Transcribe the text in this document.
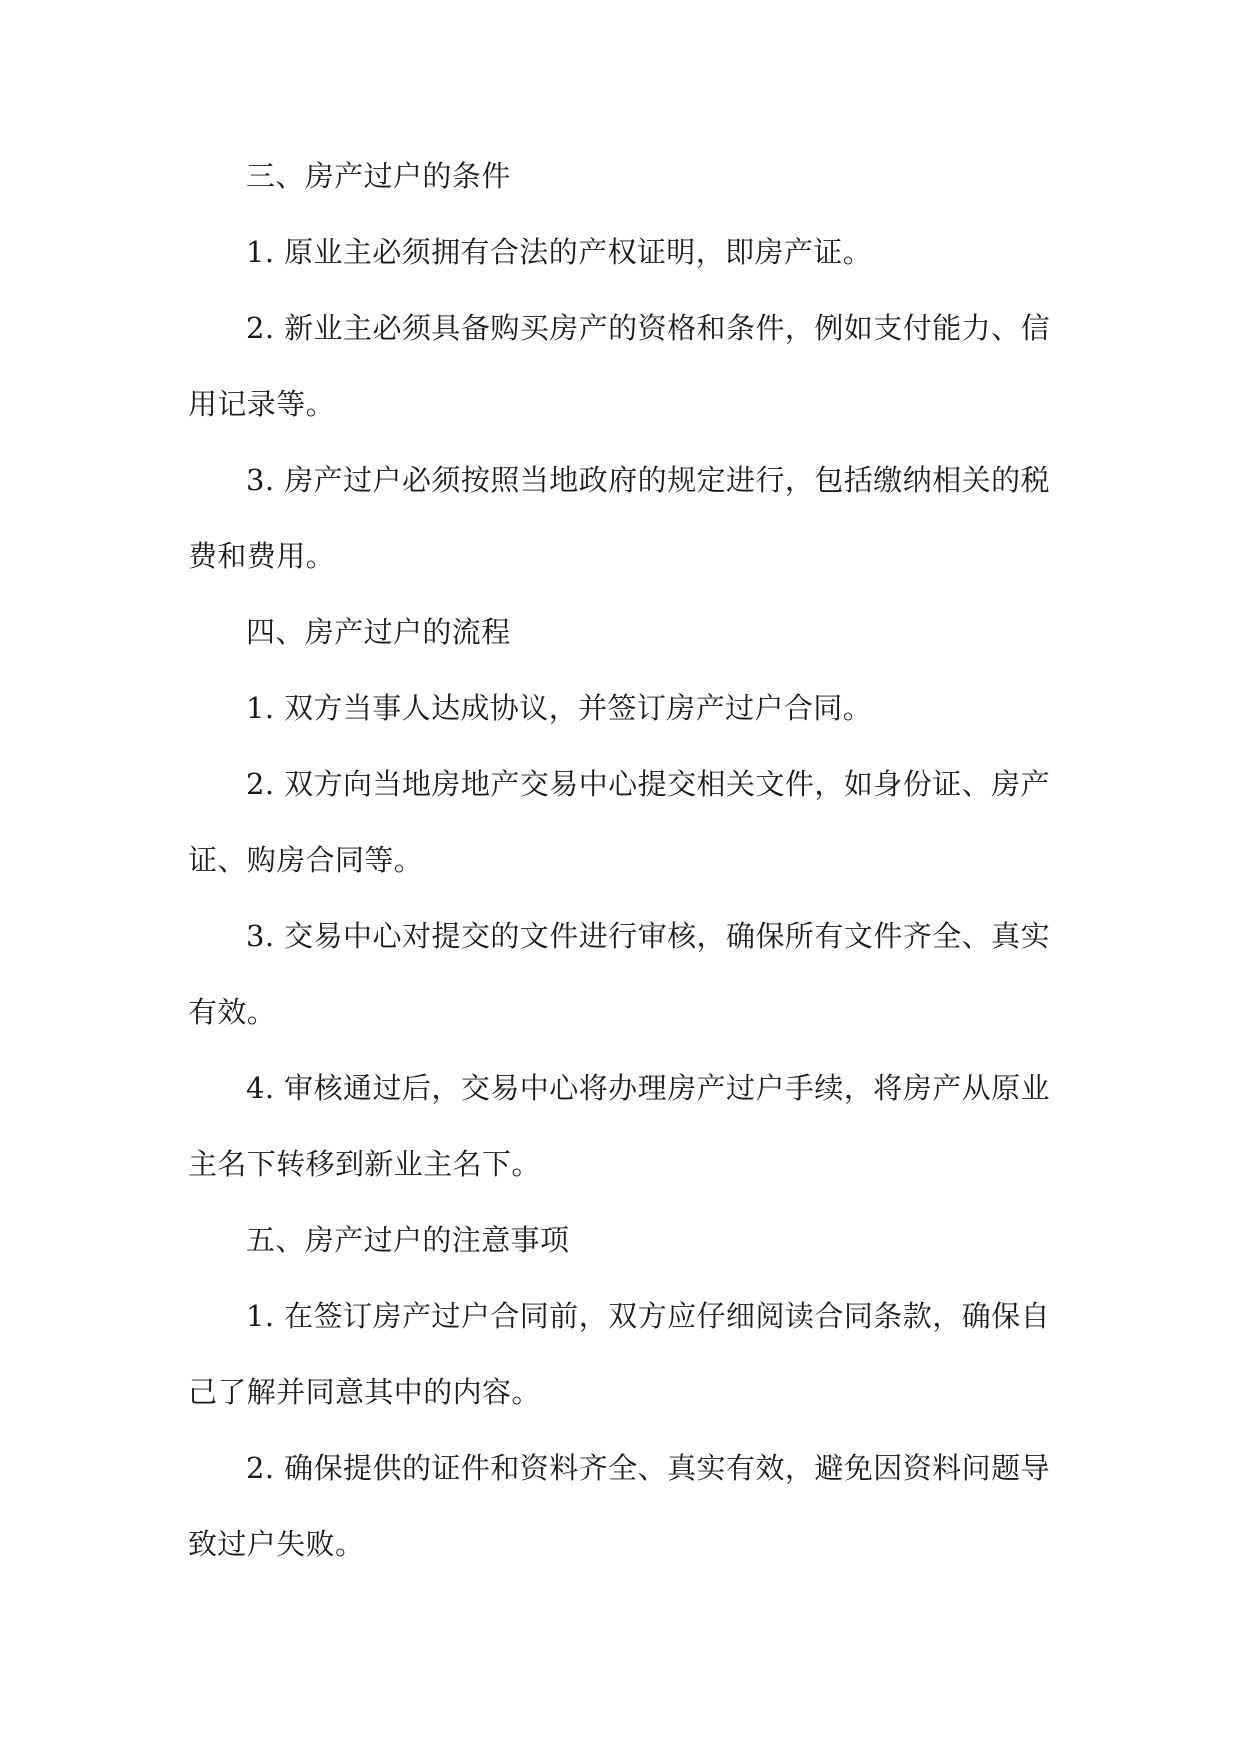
三、房产过户的条件

1. 原业主必须拥有合法的产权证明，即房产证。

2. 新业主必须具备购买房产的资格和条件，例如支付能力、信用记录等。

3. 房产过户必须按照当地政府的规定进行，包括缴纳相关的税费和费用。

四、房产过户的流程

1. 双方当事人达成协议，并签订房产过户合同。

2. 双方向当地房地产交易中心提交相关文件，如身份证、房产证、购房合同等。

3. 交易中心对提交的文件进行审核，确保所有文件齐全、真实有效。

4. 审核通过后，交易中心将办理房产过户手续，将房产从原业主名下转移到新业主名下。

五、房产过户的注意事项

1. 在签订房产过户合同前，双方应仔细阅读合同条款，确保自己了解并同意其中的内容。

2. 确保提供的证件和资料齐全、真实有效，避免因资料问题导致过户失败。
